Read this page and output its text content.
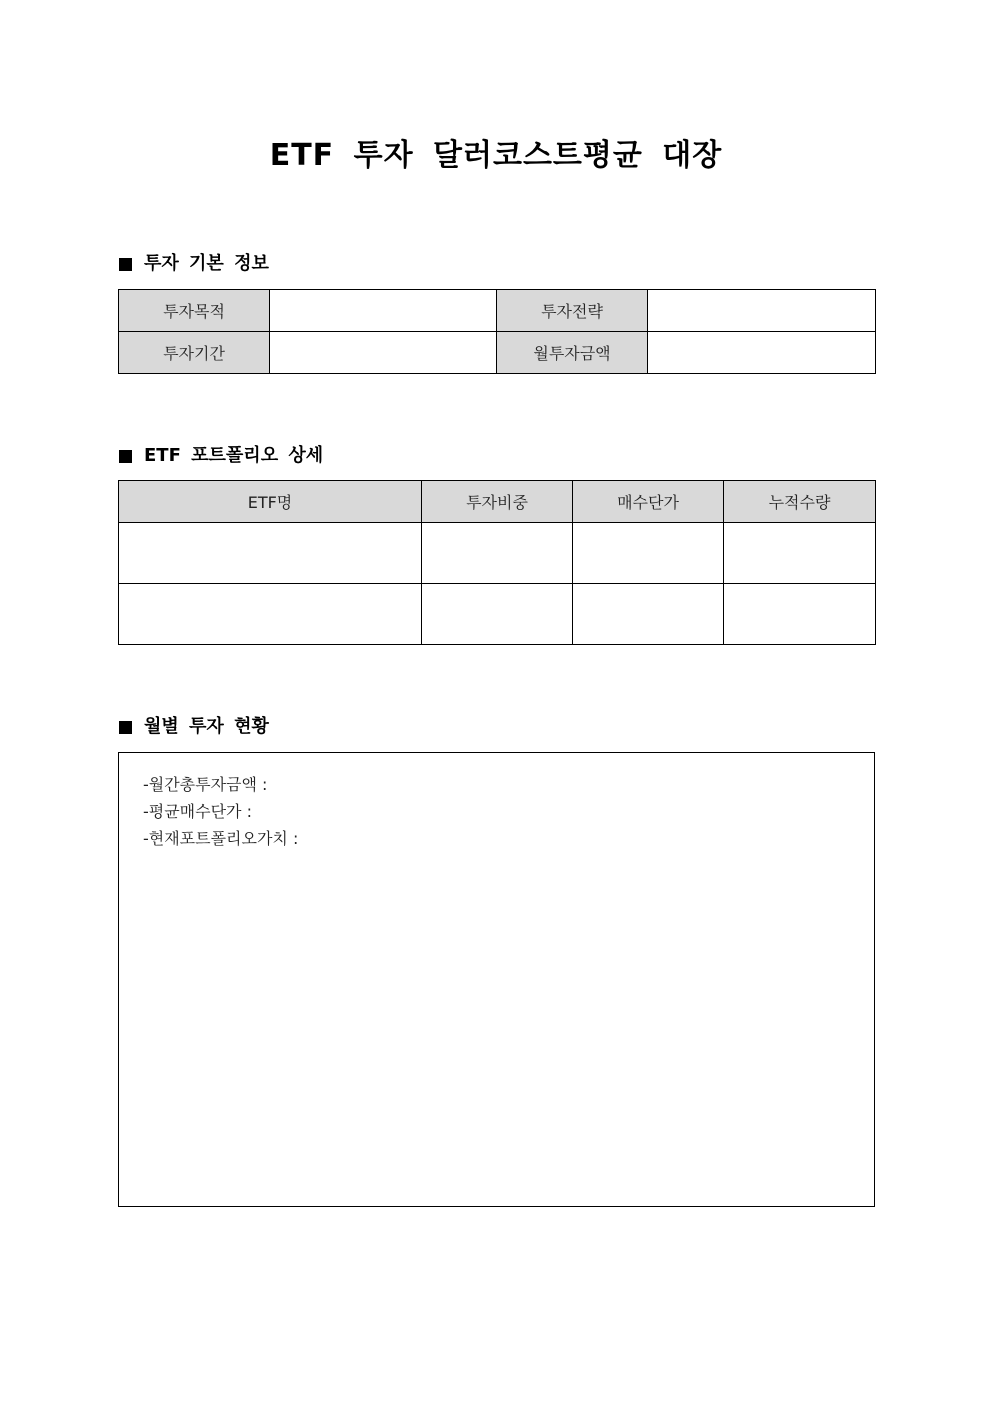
ETF 투자 달러코스트평균 대장
투자 기본 정보
투자목적		투자전략	
투자기간		월투자금액	
ETF 포트폴리오 상세
ETF명	투자비중	매수단가	누적수량

월별 투자 현황
-월간총투자금액 :
-평균매수단가 :
-현재포트폴리오가치 :
